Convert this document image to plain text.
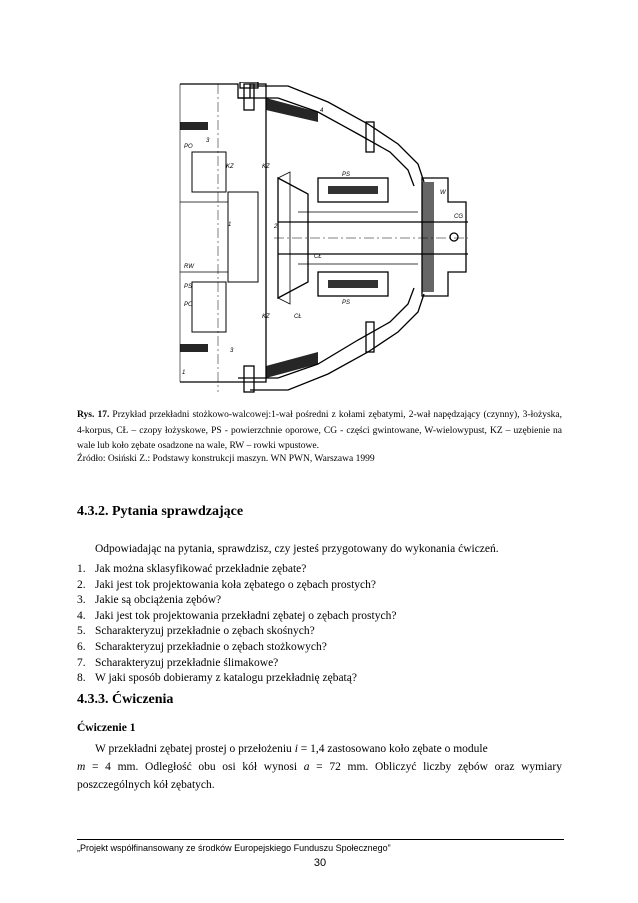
4
3
PO
KZ	KZ
2
1
RW
PO
PS
PS
PS
CŁ
CŁ
W
CG
3
1
KZ
Rys. 17. Przykład przekładni stożkowo-walcowej:1-wał pośredni z kołami zębatymi, 2-wał napędzający (czynny), 3-łożyska, 4-korpus, CŁ – czopy łożyskowe, PS - powierzchnie oporowe, CG - części gwintowane, W-wielowypust, KZ – uzębienie na wale lub koło zębate osadzone na wale, RW – rowki wpustowe.
Źródło: Osiński Z.: Podstawy konstrukcji maszyn. WN PWN, Warszawa 1999
4.3.2. Pytania sprawdzające
Odpowiadając na pytania, sprawdzisz, czy jesteś przygotowany do wykonania ćwiczeń.
1. Jak można sklasyfikować przekładnie zębate?
2. Jaki jest tok projektowania koła zębatego o zębach prostych?
3. Jakie są obciążenia zębów?
4. Jaki jest tok projektowania przekładni zębatej o zębach prostych?
5. Scharakteryzuj przekładnie o zębach skośnych?
6. Scharakteryzuj przekładnie o zębach stożkowych?
7. Scharakteryzuj przekładnie ślimakowe?
8. W jaki sposób dobieramy z katalogu przekładnię zębatą?
4.3.3. Ćwiczenia
Ćwiczenie 1
W przekładni zębatej prostej o przełożeniu i = 1,4 zastosowano koło zębate o module
m = 4 mm. Odległość obu osi kół wynosi a = 72 mm. Obliczyć liczby zębów oraz wymiary poszczególnych kół zębatych.
„Projekt współfinansowany ze środków Europejskiego Funduszu Społecznego”
30
